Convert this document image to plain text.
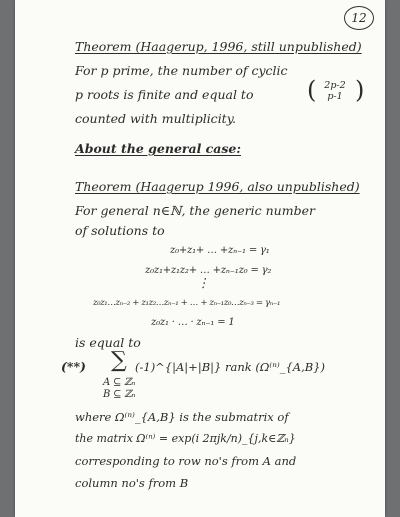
12
Theorem (Haagerup, 1996, still unpublished)
For p prime, the number of cyclic
p roots is finite and equal to ( 2p-2
p-1 )
counted with multiplicity.
About the general case:
Theorem (Haagerup 1996, also unpublished)
For general n∈ℕ, the generic number
of solutions to
z₀+z₁+ … +zₙ₋₁ = γ₁
z₀z₁+z₁z₂+ … +zₙ₋₁z₀ = γ₂
⋮
z₀z₁…zₙ₋₂ + z₁z₂…zₙ₋₁ + … + zₙ₋₁z₀…zₙ₋₃ = γₙ₋₁
z₀z₁ · … · zₙ₋₁ = 1
is equal to
(**) ∑ (-1)^{|A|+|B|} rank (Ω⁽ⁿ⁾_{A,B})
A ⊆ ℤₙ
B ⊆ ℤₙ
where Ω⁽ⁿ⁾_{A,B} is the submatrix of
the matrix Ω⁽ⁿ⁾ = exp(i 2πjk/n)_{j,k∈ℤₙ}
corresponding to row no's from A and
column no's from B
